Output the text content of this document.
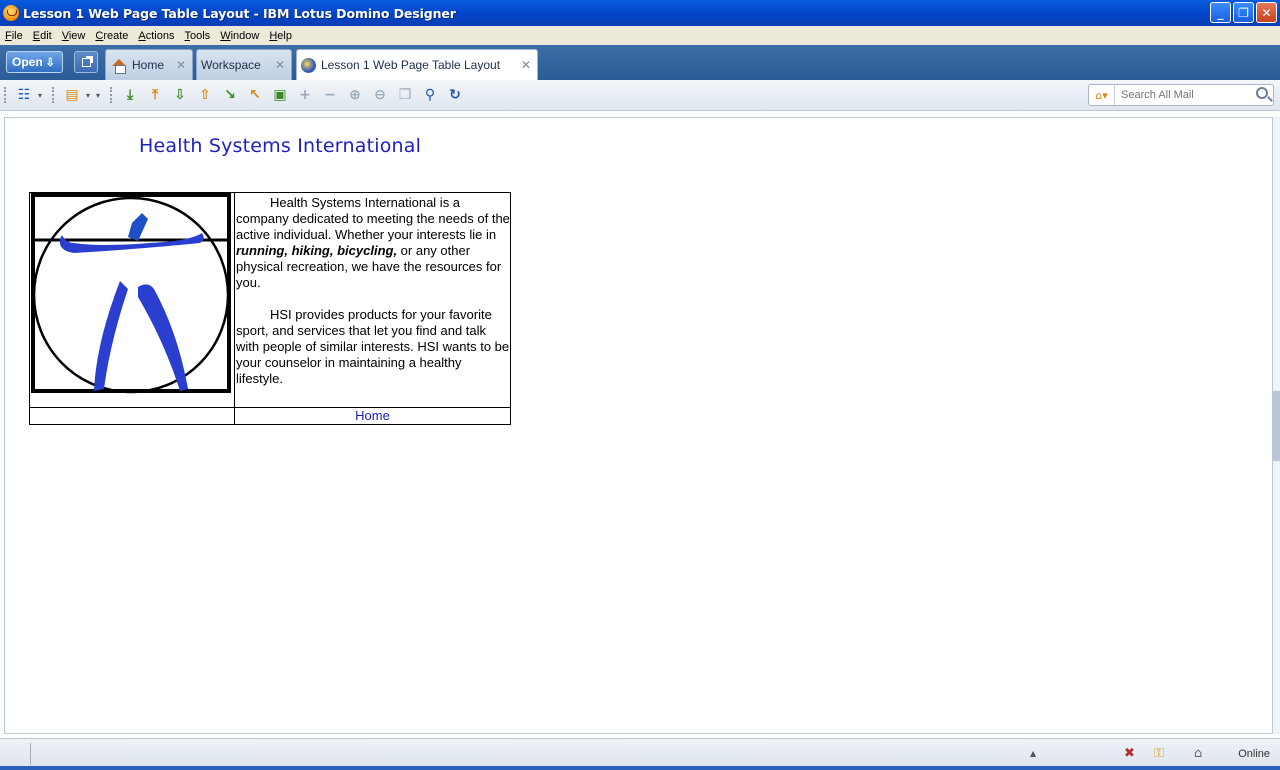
Lesson 1 Web Page Table Layout - IBM Lotus Domino Designer	_	❐	✕
File Edit View Create Actions Tools Window Help
Open ⇩	Home ✕ Workspace ✕	Lesson 1 Web Page Table Layout ✕
☷ ▾	▤ ▾ ▾	⤓	⤒	⇩ ⇧ ↘ ↖ ▣ + − ⊕ ⊖ ❐ ⚲	↻	⌂▾
Search All Mail
Health Systems International

Health Systems International is a company dedicated to meeting the needs of the active individual. Whether your interests lie in running, hiking, bicycling, or any other physical recreation, we have the resources for you.

HSI provides products for your favorite sport, and services that let you find and talk with people of similar interests. HSI wants to be your counselor in maintaining a healthy lifestyle.

	Home
▲	✖ ⚿ ⌂	Online
